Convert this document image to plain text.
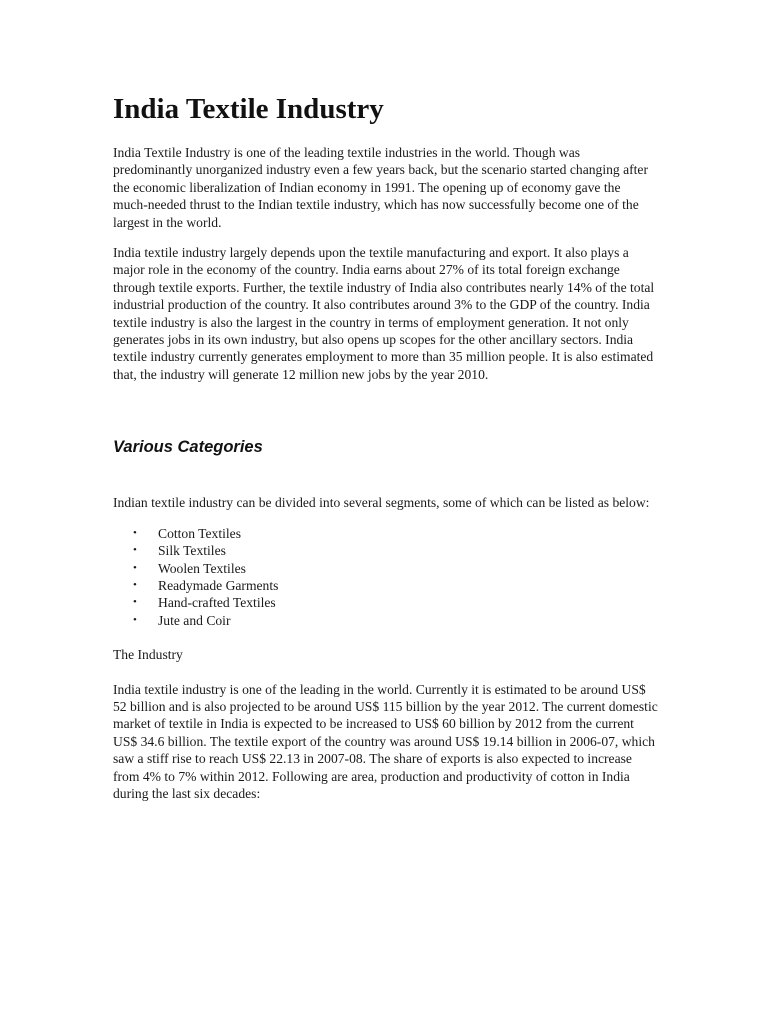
India Textile Industry

India Textile Industry is one of the leading textile industries in the world. Though was predominantly unorganized industry even a few years back, but the scenario started changing after the economic liberalization of Indian economy in 1991. The opening up of economy gave the much-needed thrust to the Indian textile industry, which has now successfully become one of the largest in the world.

India textile industry largely depends upon the textile manufacturing and export. It also plays a major role in the economy of the country. India earns about 27% of its total foreign exchange through textile exports. Further, the textile industry of India also contributes nearly 14% of the total industrial production of the country. It also contributes around 3% to the GDP of the country. India textile industry is also the largest in the country in terms of employment generation. It not only generates jobs in its own industry, but also opens up scopes for the other ancillary sectors. India textile industry currently generates employment to more than 35 million people. It is also estimated that, the industry will generate 12 million new jobs by the year 2010.

Various Categories

Indian textile industry can be divided into several segments, some of which can be listed as below:

• Cotton Textiles
• Silk Textiles
• Woolen Textiles
• Readymade Garments
• Hand-crafted Textiles
• Jute and Coir

The Industry

India textile industry is one of the leading in the world. Currently it is estimated to be around US$ 52 billion and is also projected to be around US$ 115 billion by the year 2012. The current domestic market of textile in India is expected to be increased to US$ 60 billion by 2012 from the current US$ 34.6 billion. The textile export of the country was around US$ 19.14 billion in 2006-07, which saw a stiff rise to reach US$ 22.13 in 2007-08. The share of exports is also expected to increase from 4% to 7% within 2012. Following are area, production and productivity of cotton in India during the last six decades:
